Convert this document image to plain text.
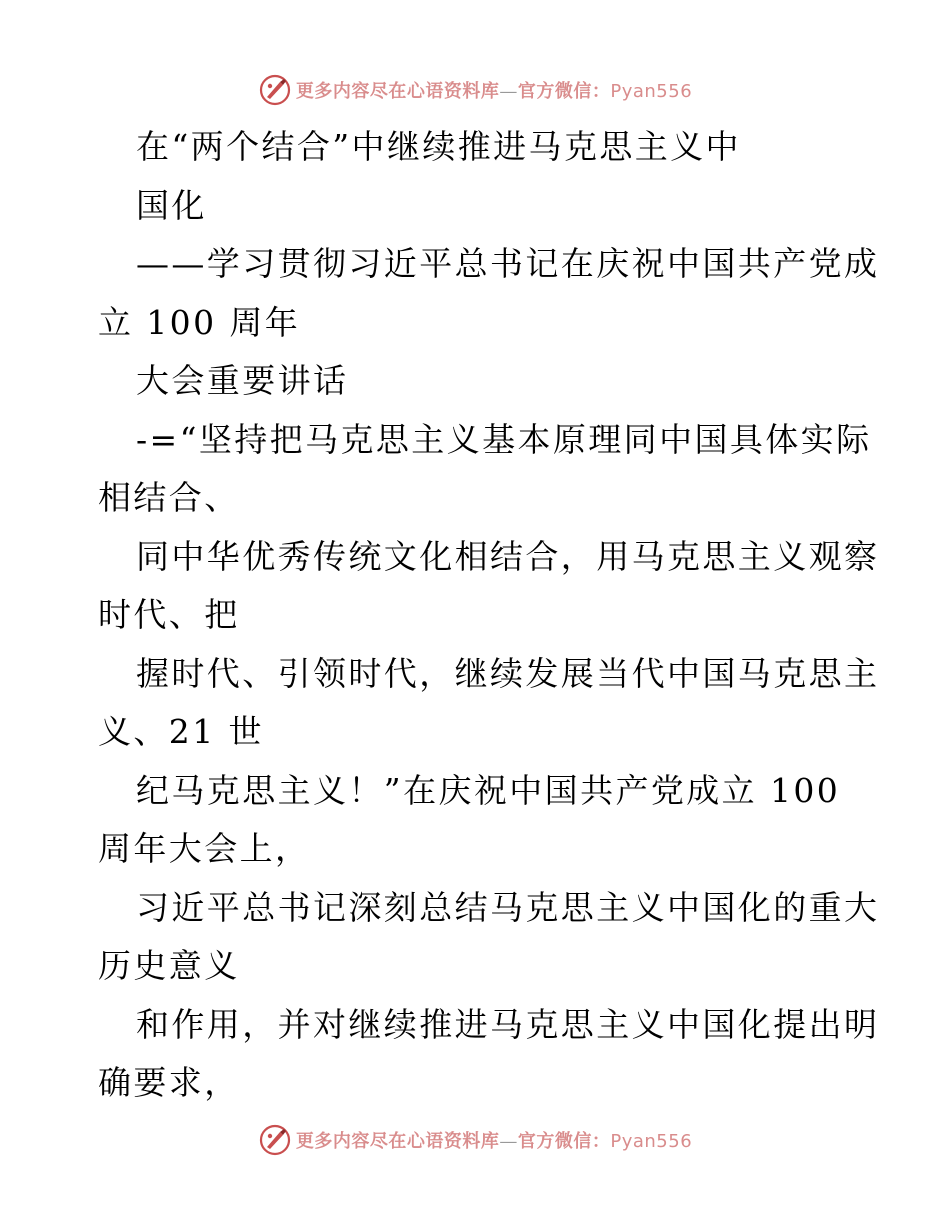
更多内容尽在心语资料库—官方微信：Pyan556
在“两个结合”中继续推进马克思主义中
国化
——学习贯彻习近平总书记在庆祝中国共产党成
立 100 周年
大会重要讲话
-=“坚持把马克思主义基本原理同中国具体实际
相结合、
同中华优秀传统文化相结合，用马克思主义观察
时代、把
握时代、引领时代，继续发展当代中国马克思主
义、21 世
纪马克思主义！”在庆祝中国共产党成立 100
周年大会上，
习近平总书记深刻总结马克思主义中国化的重大
历史意义
和作用，并对继续推进马克思主义中国化提出明
确要求，
更多内容尽在心语资料库—官方微信：Pyan556
